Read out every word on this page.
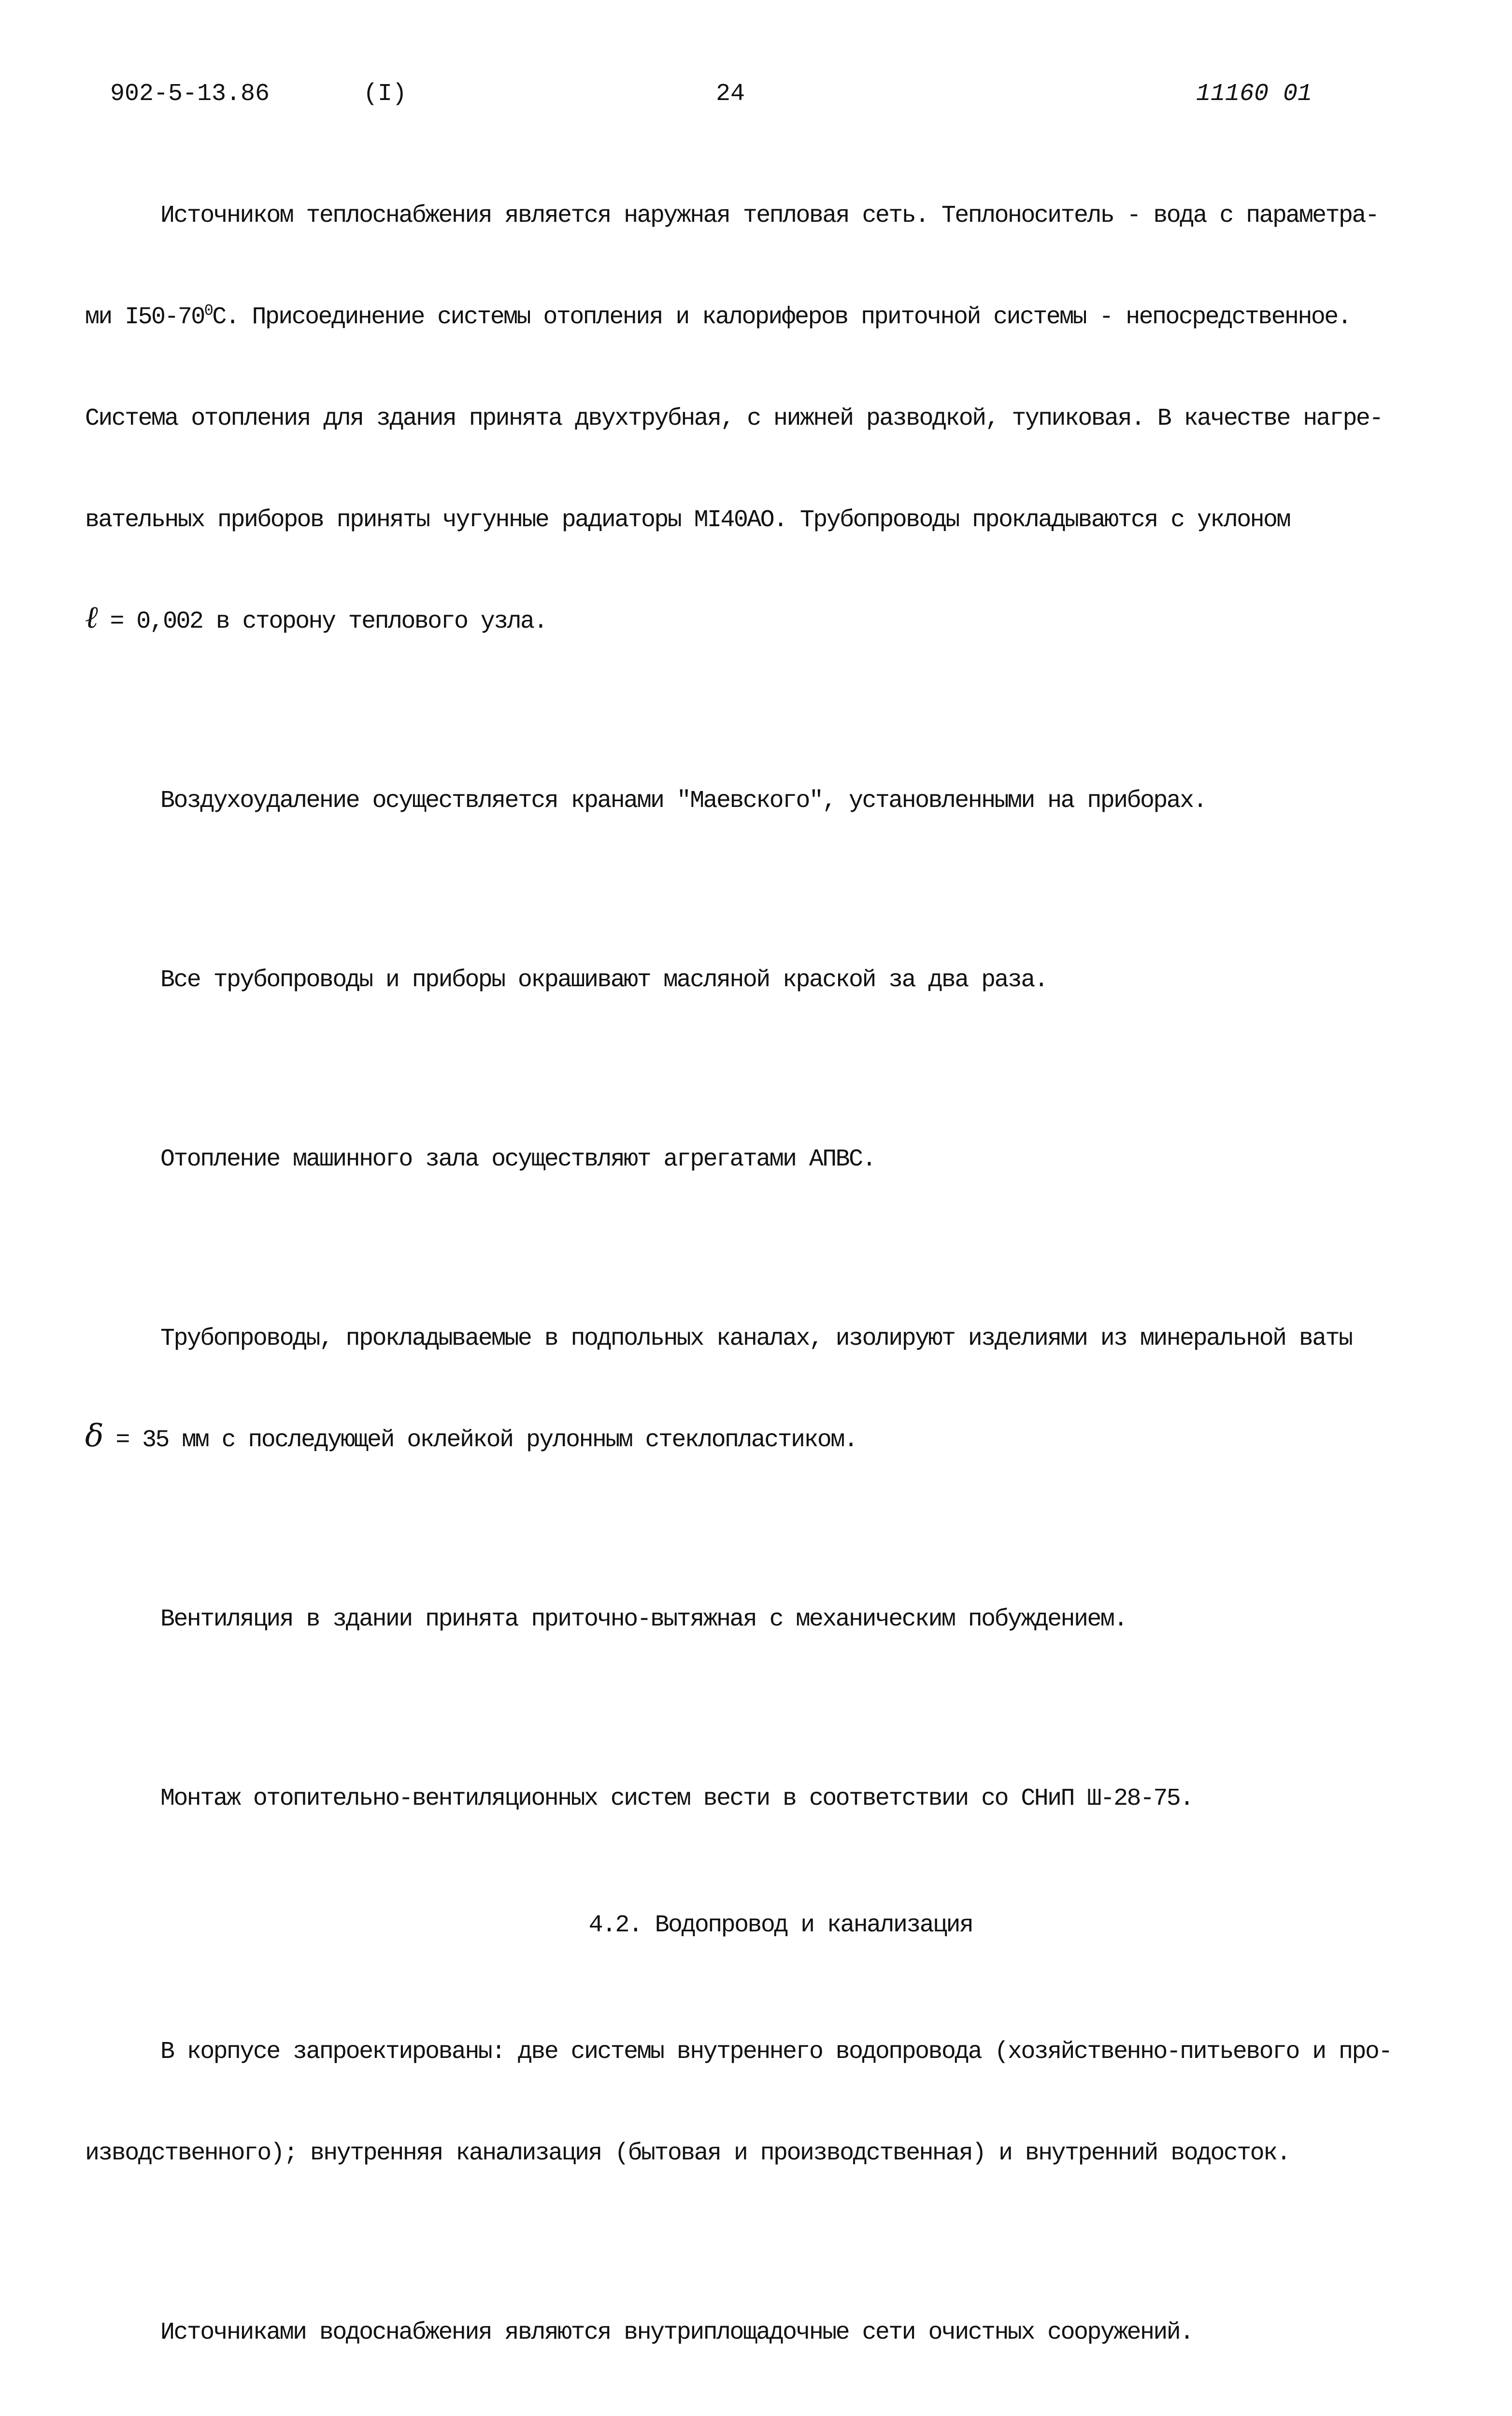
902-5-13.86	(I)	24	11160 01

Источником теплоснабжения является наружная тепловая сеть. Теплоноситель - вода с параметра-

ми $I50-70^0С$. Присоединение системы отопления и калориферов приточной системы - непосредственное.

Система отопления для здания принята двухтрубная, с нижней разводкой, тупиковая. В качестве нагре-

вательных приборов приняты чугунные радиаторы МI40АО. Трубопроводы прокладываются с уклоном

ℓ = 0,002 в сторону теплового узла.

Воздухоудаление осуществляется кранами "Маевского", установленными на приборах.

Все трубопроводы и приборы окрашивают масляной краской за два раза.

Отопление машинного зала осуществляют агрегатами АПВС.

Трубопроводы, прокладываемые в подпольных каналах, изолируют изделиями из минеральной ваты

δ = 35 мм с последующей оклейкой рулонным стеклопластиком.

Вентиляция в здании принята приточно-вытяжная с механическим побуждением.

Монтаж отопительно-вентиляционных систем вести в соответствии со СНиП Ш-28-75.

4.2. Водопровод и канализация

В корпусе запроектированы: две системы внутреннего водопровода (хозяйственно-питьевого и про-

изводственного); внутренняя канализация (бытовая и производственная) и внутренний водосток.

Источниками водоснабжения являются внутриплощадочные сети очистных сооружений.
